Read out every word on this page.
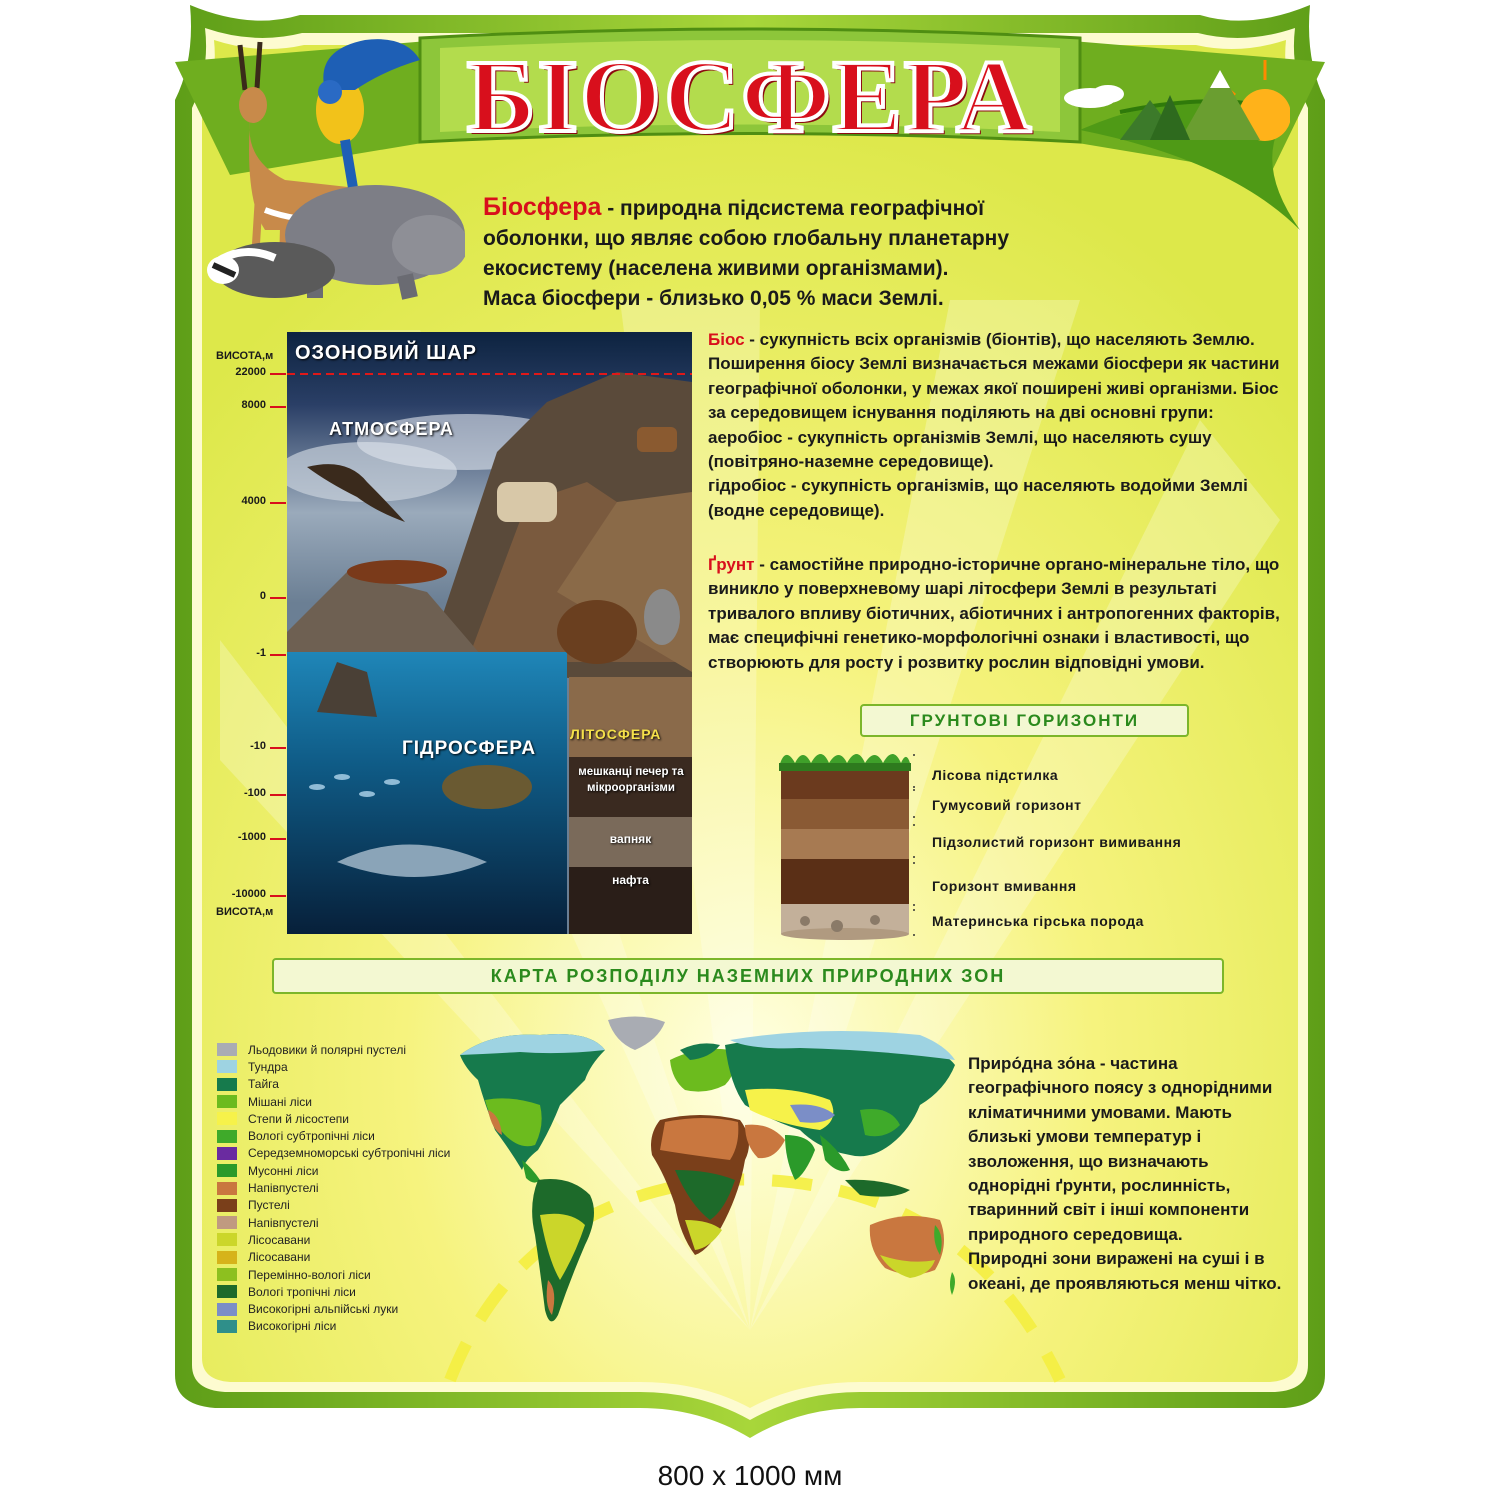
БІОСФЕРА
Біосфера - природна підсистема географічної оболонки, що являє собою глобальну планетарну екосистему (населена живими організмами).
Маса біосфери - близько 0,05 % маси Землі.
ВИСОТА,м
ВИСОТА,м
22000
8000
4000
0
-1
-10
-100
-1000
-10000
ОЗОНОВИЙ ШАР
АТМОСФЕРА
ГІДРОСФЕРА
ЛІТОСФЕРА
мешканці печер та мікроорганізми
вапняк
нафта
Біос - сукупність всіх організмів (біонтів), що населяють Землю. Поширення біосу Землі визначається межами біосфери як частини географічної оболонки, у межах якої поширені живі організми. Біос за середовищем існування поділяють на дві основні групи:
аеробіос - сукупність організмів Землі, що населяють сушу (повітряно-наземне середовище).
гідробіос - сукупність організмів, що населяють водойми Землі (водне середовище).
Ґрунт - самостійне природно-історичне органо-мінеральне тіло, що виникло у поверхневому шарі літосфери Землі в результаті тривалого впливу біотичних, абіотичних і антропогенних факторів, має специфічні генетико-морфологічні ознаки і властивості, що створюють для росту і розвитку рослин відповідні умови.
ГРУНТОВІ ГОРИЗОНТИ
Лісова підстилка
Гумусовий горизонт
Підзолистий горизонт вимивання
Горизонт вмивання
Материнська гірська порода
КАРТА РОЗПОДІЛУ НАЗЕМНИХ ПРИРОДНИХ ЗОН
Льодовики й полярні пустелі
Тундра
Тайга
Мішані ліси
Степи й лісостепи
Вологі субтропічні ліси
Середземноморські субтропічні ліси
Мусонні ліси
Напівпустелі
Пустелі
Напівпустелі
Лісосавани
Лісосавани
Перемінно-вологі ліси
Вологі тропічні ліси
Високогірні альпійські луки
Високогірні ліси
Приро́дна зо́на - частина географічного поясу з однорідними кліматичними умовами. Мають близькі умови температур і зволоження, що визначають однорідні ґрунти, рослинність, тваринний світ і інші компоненти природного середовища.
Природні зони виражені на суші і в океані, де проявляються менш чітко.
800 x 1000 мм
